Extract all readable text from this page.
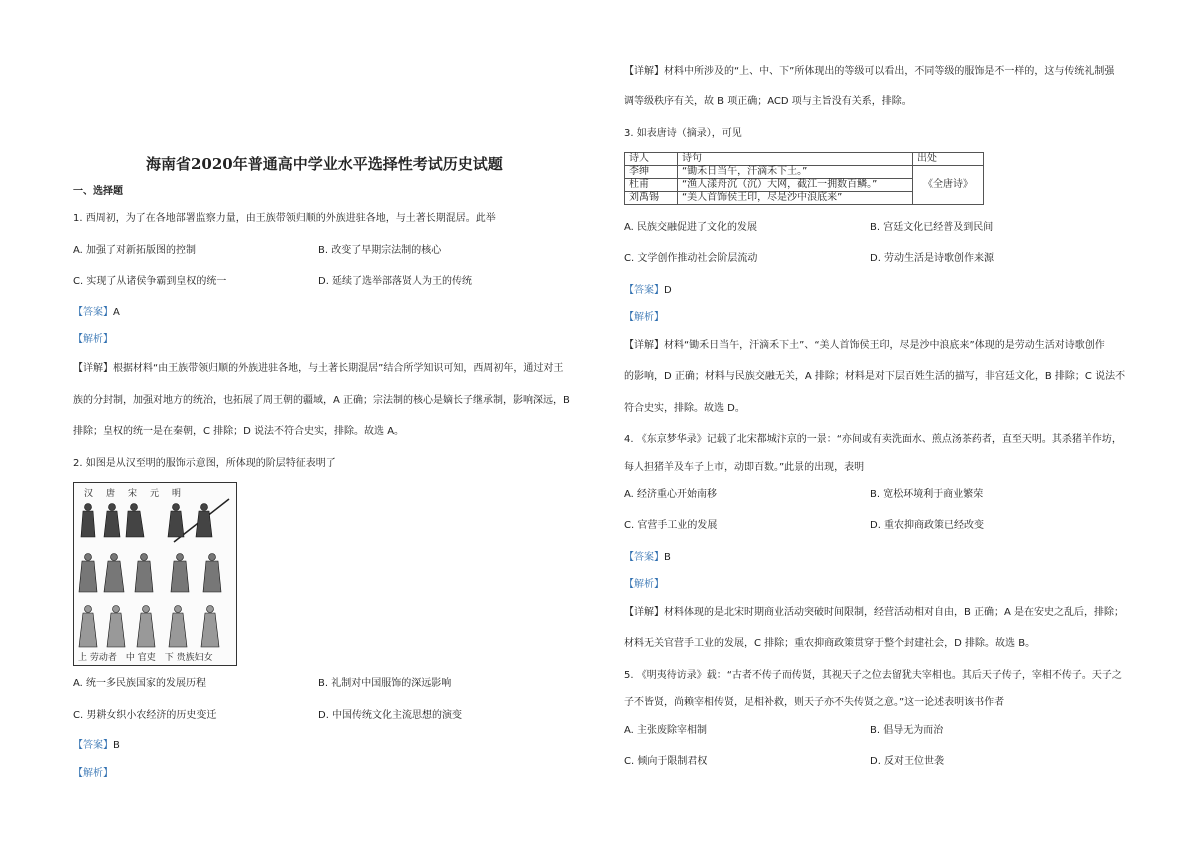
海南省2020年普通高中学业水平选择性考试历史试题
一、选择题
1. 西周初，为了在各地部署监察力量，由王族带领归顺的外族进驻各地，与土著长期混居。此举
A. 加强了对新拓版图的控制	B. 改变了早期宗法制的核心
C. 实现了从诸侯争霸到皇权的统一	D. 延续了选举部落贤人为王的传统
【答案】A
【解析】
【详解】根据材料“由王族带领归顺的外族进驻各地，与土著长期混居”结合所学知识可知，西周初年，通过对王
族的分封制，加强对地方的统治，也拓展了周王朝的疆域，A 正确；宗法制的核心是嫡长子继承制，影响深远，B
排除；皇权的统一是在秦朝，C 排除；D 说法不符合史实，排除。故选 A。
2. 如图是从汉至明的服饰示意图，所体现的阶层特征表明了
汉　唐　宋　元　明
上 劳动者　中 官吏　下 贵族妇女
A. 统一多民族国家的发展历程	B. 礼制对中国服饰的深远影响
C. 男耕女织小农经济的历史变迁	D. 中国传统文化主流思想的演变
【答案】B
【解析】
【详解】材料中所涉及的“上、中、下”所体现出的等级可以看出，不同等级的服饰是不一样的，这与传统礼制强
调等级秩序有关，故 B 项正确；ACD 项与主旨没有关系，排除。
3. 如表唐诗（摘录），可见
诗人	诗句	出处
李绅	“锄禾日当午，汗滴禾下土。”	《全唐诗》
杜甫	“渔人漾舟沉（沉）大网，截江一拥数百鳞。”	
刘禹锡	“美人首饰侯王印，尽是沙中浪底来”	
A. 民族交融促进了文化的发展	B. 宫廷文化已经普及到民间
C. 文学创作推动社会阶层流动	D. 劳动生活是诗歌创作来源
【答案】D
【解析】
【详解】材料“锄禾日当午，汗滴禾下土”、“美人首饰侯王印，尽是沙中浪底来”体现的是劳动生活对诗歌创作
的影响，D 正确；材料与民族交融无关，A 排除；材料是对下层百姓生活的描写，非宫廷文化，B 排除；C 说法不
符合史实，排除。故选 D。
4. 《东京梦华录》记载了北宋都城汴京的一景：“亦间或有卖洗面水、煎点汤茶药者，直至天明。其杀猪羊作坊，
每人担猪羊及车子上市，动即百数。”此景的出现，表明
A. 经济重心开始南移	B. 宽松环境利于商业繁荣
C. 官营手工业的发展	D. 重农抑商政策已经改变
【答案】B
【解析】
【详解】材料体现的是北宋时期商业活动突破时间限制，经营活动相对自由，B 正确；A 是在安史之乱后，排除；
材料无关官营手工业的发展，C 排除；重农抑商政策贯穿于整个封建社会，D 排除。故选 B。
5. 《明夷待访录》载：“古者不传子而传贤，其视天子之位去留犹夫宰相也。其后天子传子，宰相不传子。天子之
子不皆贤，尚赖宰相传贤，足相补救，则天子亦不失传贤之意。”这一论述表明该书作者
A. 主张废除宰相制	B. 倡导无为而治
C. 倾向于限制君权	D. 反对王位世袭
